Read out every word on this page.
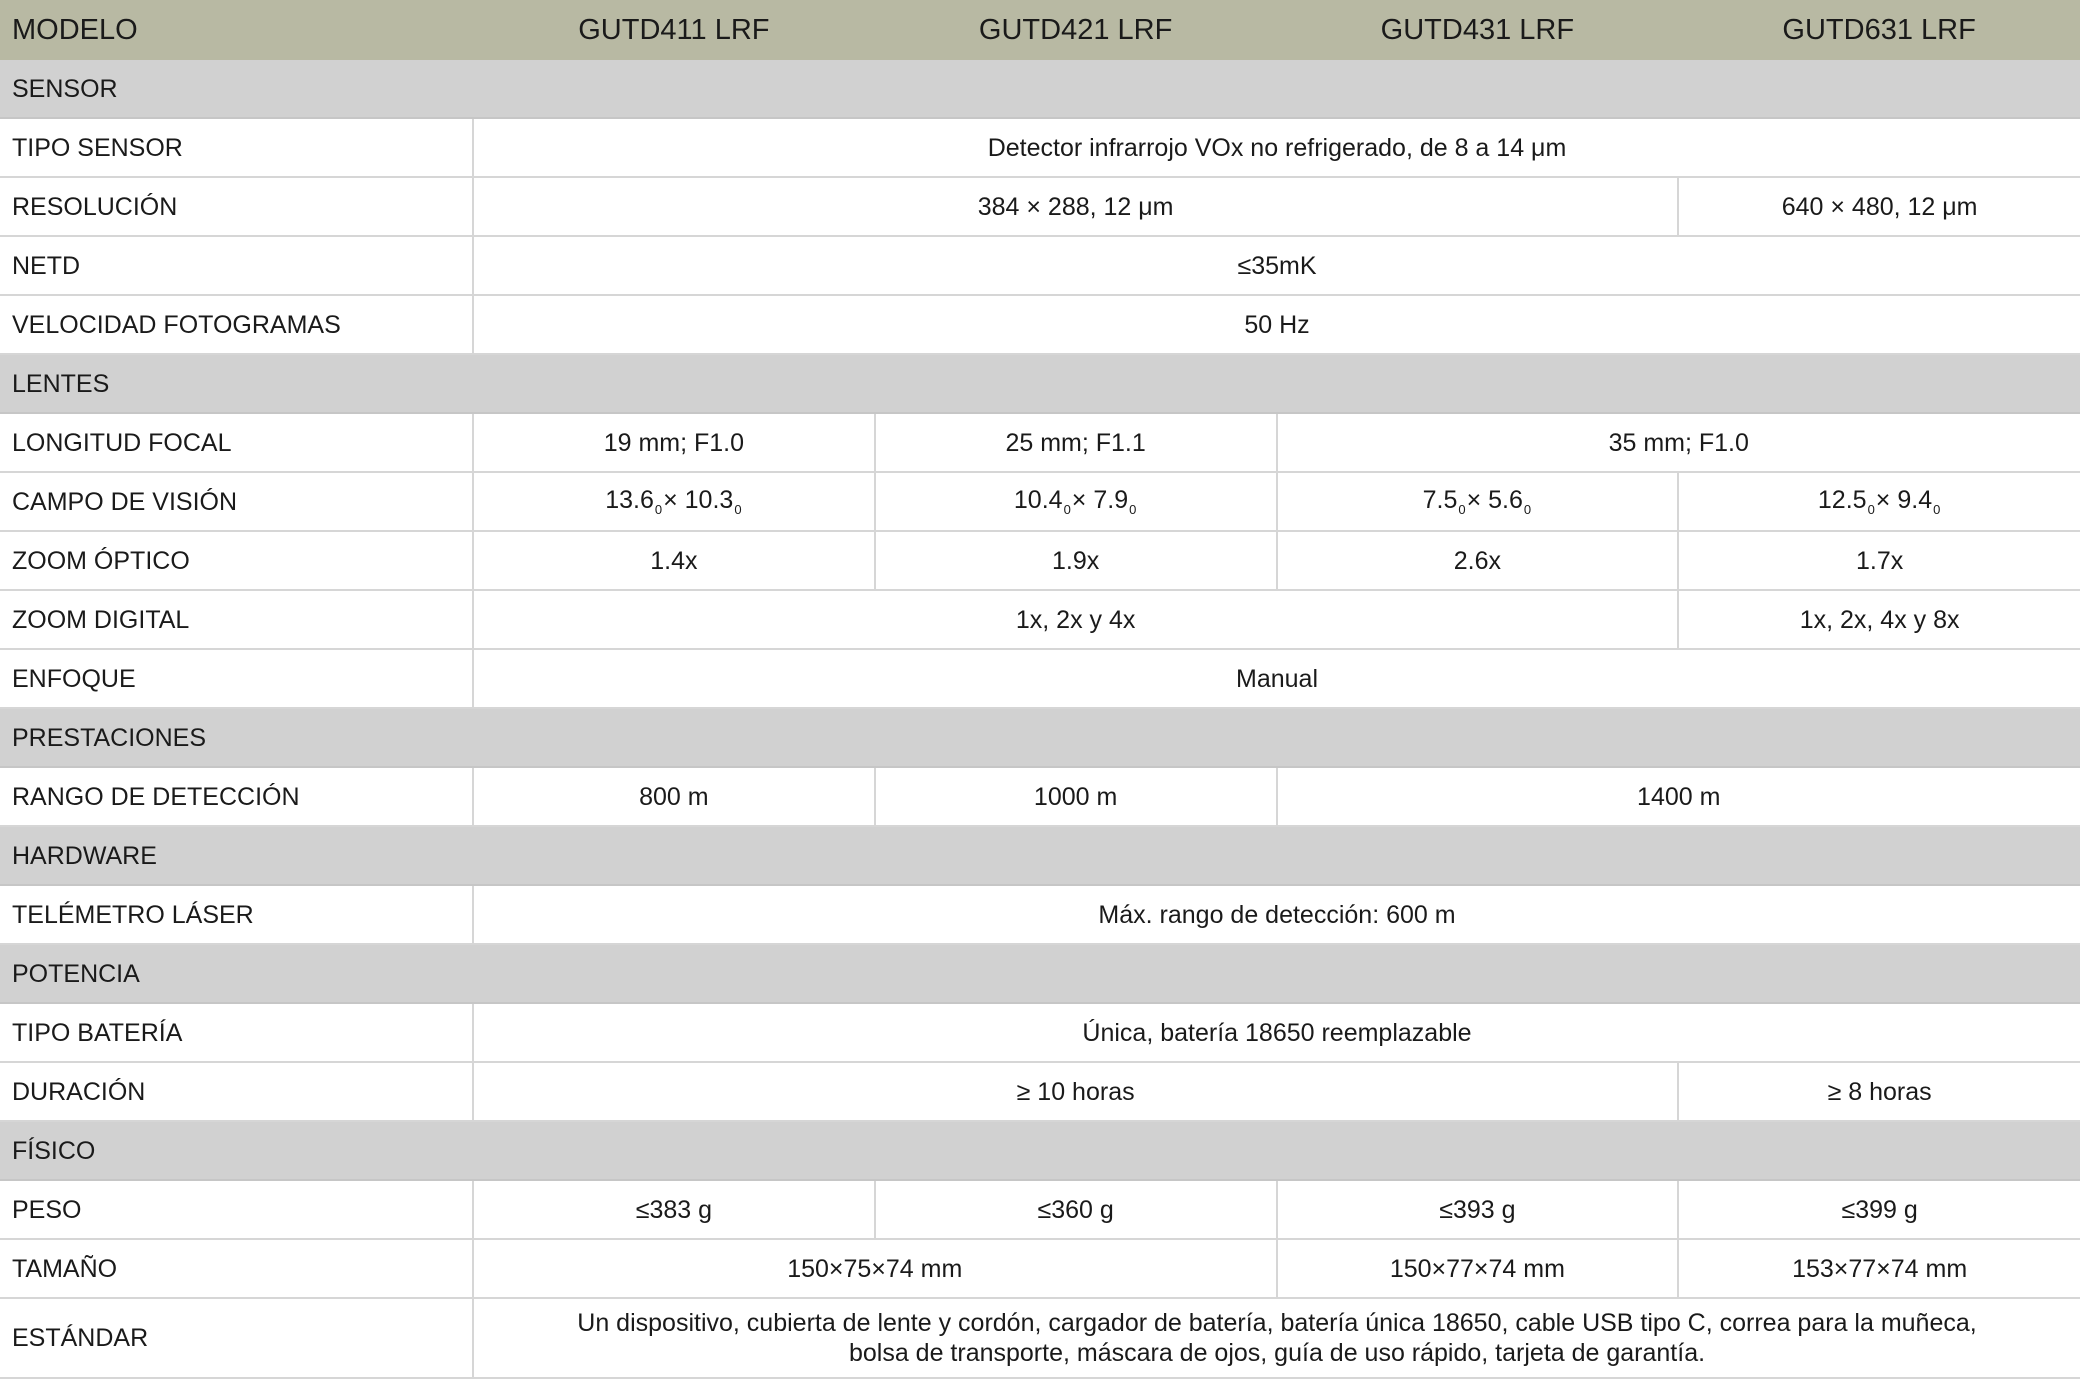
MODELO	GUTD411 LRF	GUTD421 LRF	GUTD431 LRF	GUTD631 LRF
SENSOR				
TIPO SENSOR	Detector infrarrojo VOx no refrigerado, de 8 a 14 μm			
RESOLUCIÓN	384 × 288, 12 μm			640 × 480, 12 μm
NETD	≤35mK			
VELOCIDAD FOTOGRAMAS	50 Hz			
LENTES				
LONGITUD FOCAL	19 mm; F1.0	25 mm; F1.1	35 mm; F1.0	
CAMPO DE VISIÓN	$13.6_0\times 10.3_0$	$10.4_0\times 7.9_0$	$7.5_0\times 5.6_0$	$12.5_0\times 9.4_0$
ZOOM ÓPTICO	1.4x	1.9x	2.6x	1.7x
ZOOM DIGITAL	1x, 2x y 4x			1x, 2x, 4x y 8x
ENFOQUE	Manual			
PRESTACIONES				
RANGO DE DETECCIÓN	800 m	1000 m	1400 m	
HARDWARE				
TELÉMETRO LÁSER	Máx. rango de detección: 600 m			
POTENCIA				
TIPO BATERÍA	Única, batería 18650 reemplazable			
DURACIÓN	≥ 10 horas			≥ 8 horas
FÍSICO				
PESO	≤383 g	≤360 g	≤393 g	≤399 g
TAMAÑO	150×75×74 mm		150×77×74 mm	153×77×74 mm
ESTÁNDAR	Un dispositivo, cubierta de lente y cordón, cargador de batería, batería única 18650, cable USB tipo C, correa para la muñeca,
bolsa de transporte, máscara de ojos, guía de uso rápido, tarjeta de garantía.			
